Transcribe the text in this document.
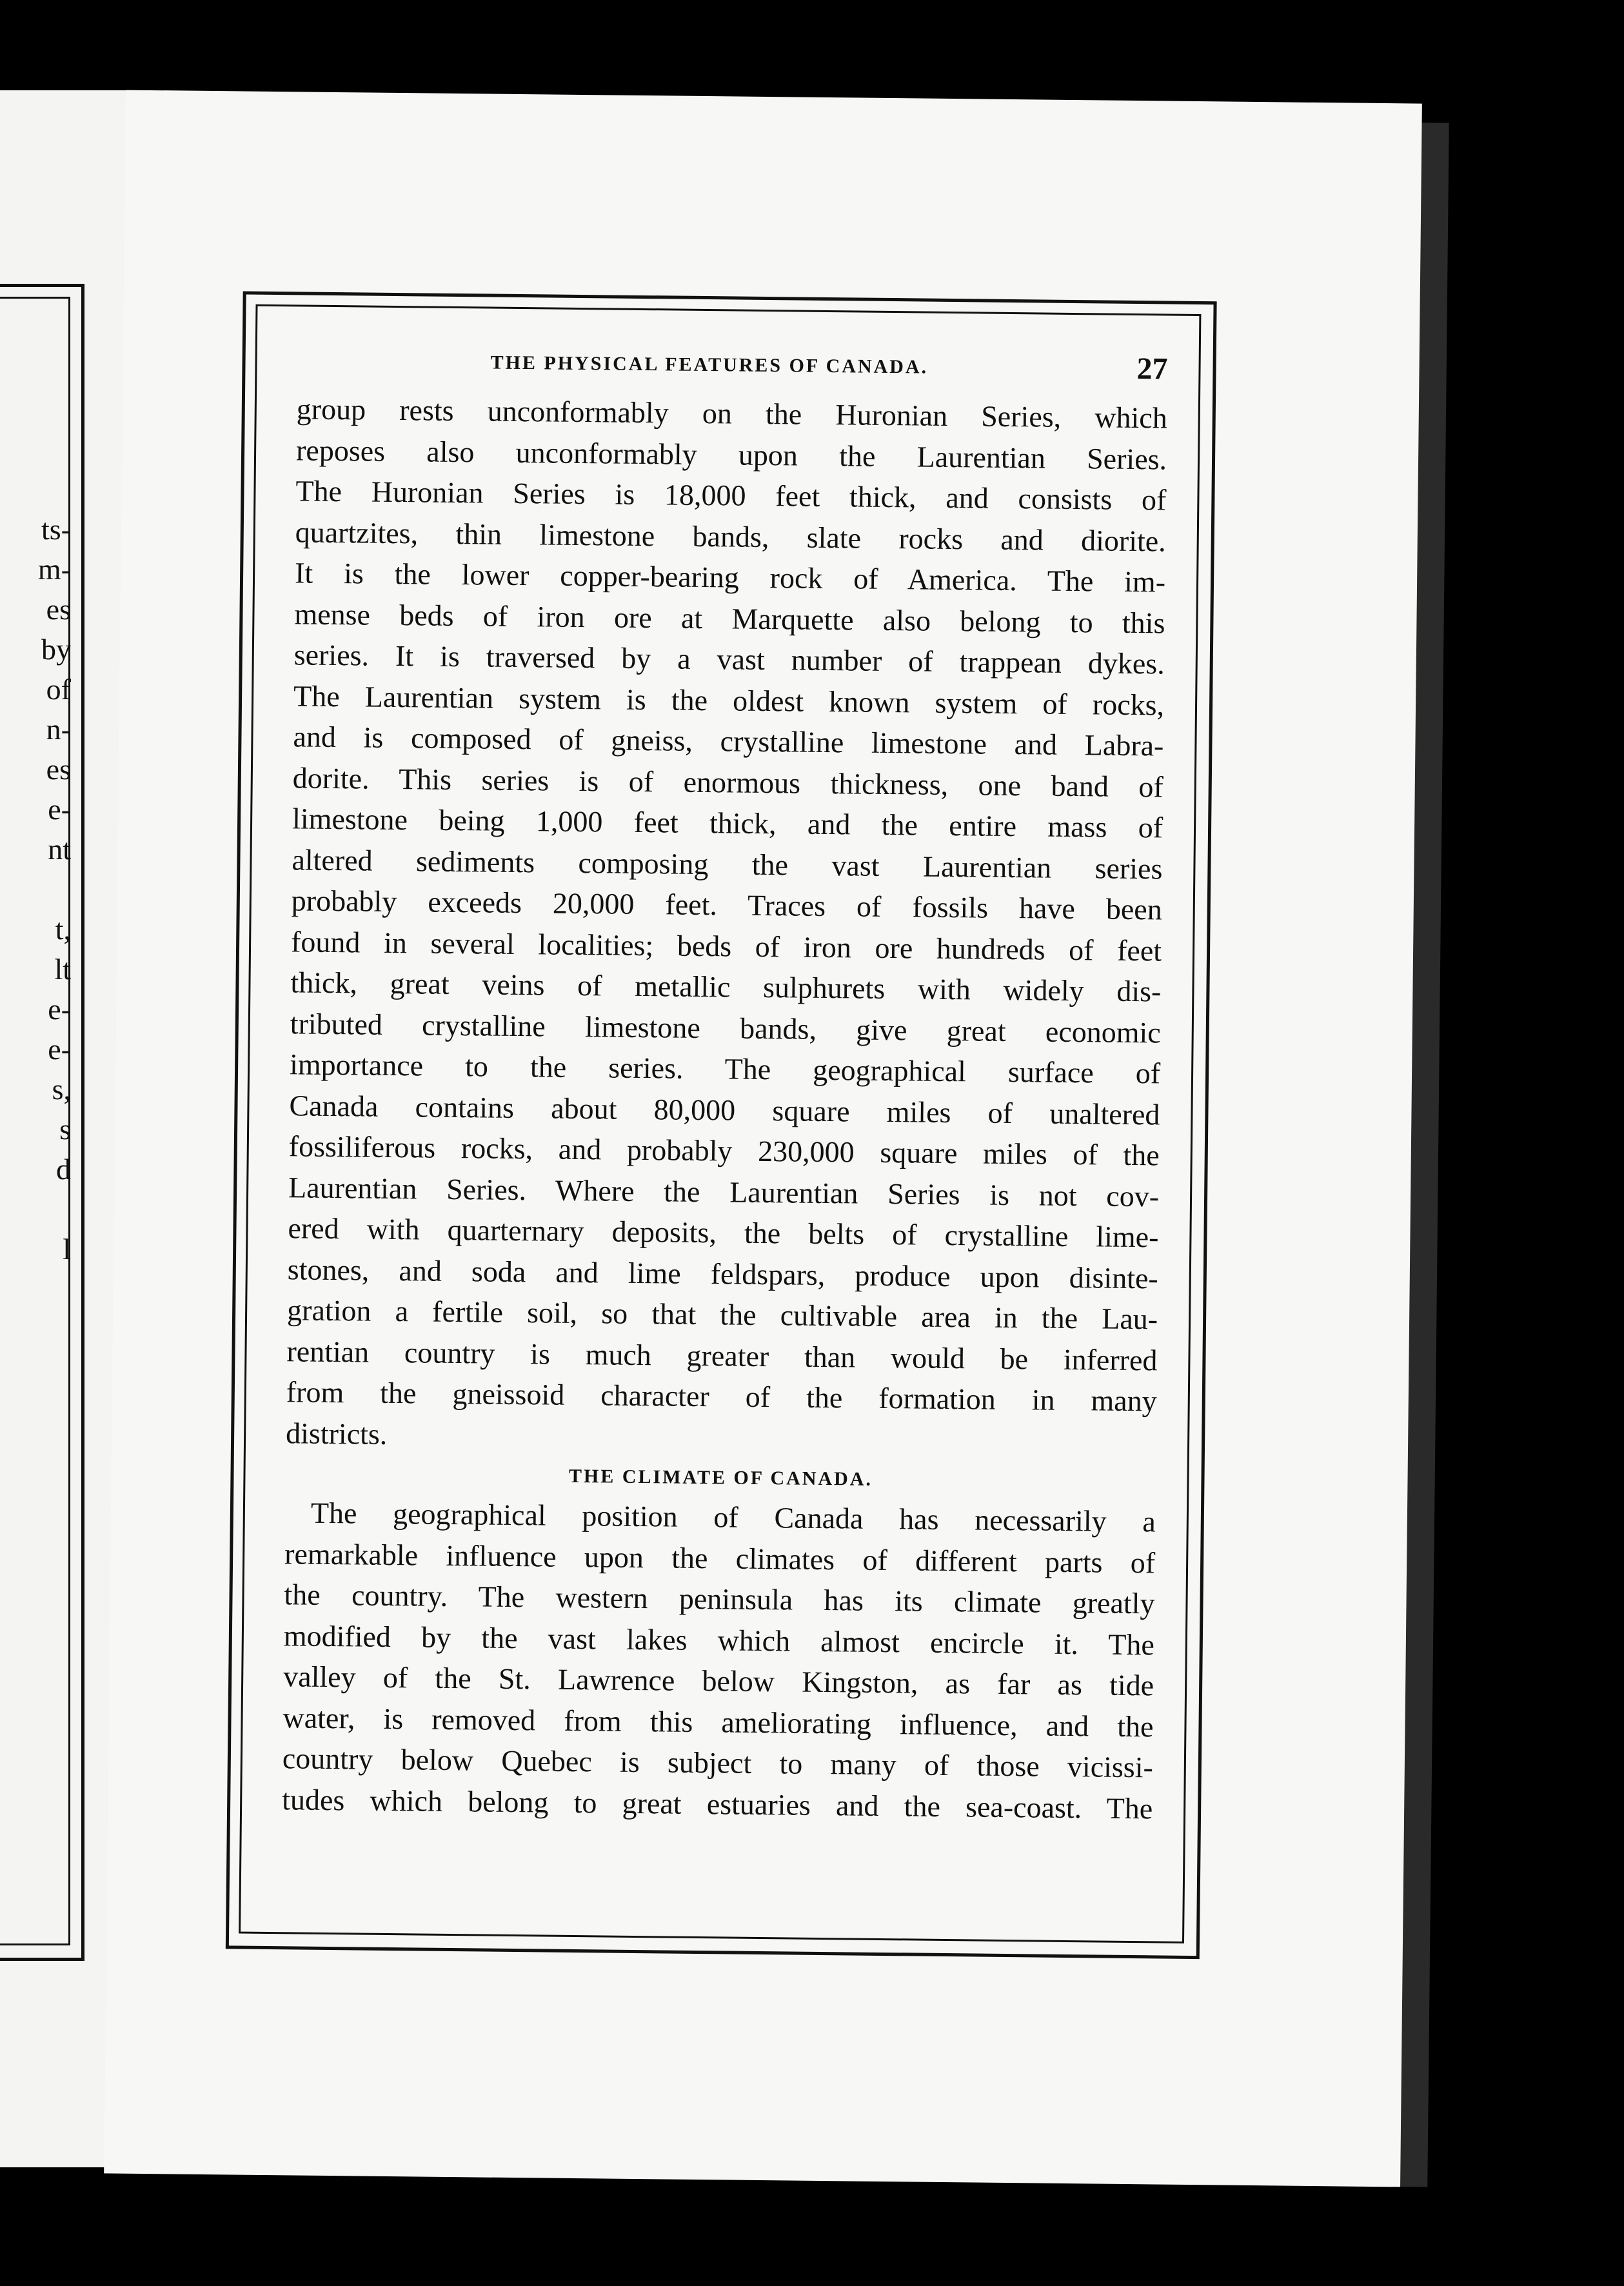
ts-
m-
es
by
of
n-
es
e-
nt
t,
lt
e-
e-
s,
s
d
l
THE PHYSICAL FEATURES OF CANADA.	27
group rests unconformably on the Huronian Series, which
reposes also unconformably upon the Laurentian Series.
The Huronian Series is 18,000 feet thick, and consists of
quartzites, thin limestone bands, slate rocks and diorite.
It is the lower copper-bearing rock of America. The im-
mense beds of iron ore at Marquette also belong to this
series. It is traversed by a vast number of trappean dykes.
The Laurentian system is the oldest known system of rocks,
and is composed of gneiss, crystalline limestone and Labra-
dorite. This series is of enormous thickness, one band of
limestone being 1,000 feet thick, and the entire mass of
altered sediments composing the vast Laurentian series
probably exceeds 20,000 feet. Traces of fossils have been
found in several localities; beds of iron ore hundreds of feet
thick, great veins of metallic sulphurets with widely dis-
tributed crystalline limestone bands, give great economic
importance to the series. The geographical surface of
Canada contains about 80,000 square miles of unaltered
fossiliferous rocks, and probably 230,000 square miles of the
Laurentian Series. Where the Laurentian Series is not cov-
ered with quarternary deposits, the belts of crystalline lime-
stones, and soda and lime feldspars, produce upon disinte-
gration a fertile soil, so that the cultivable area in the Lau-
rentian country is much greater than would be inferred
from the gneissoid character of the formation in many
districts.
THE CLIMATE OF CANADA.
The geographical position of Canada has necessarily a
remarkable influence upon the climates of different parts of
the country. The western peninsula has its climate greatly
modified by the vast lakes which almost encircle it. The
valley of the St. Lawrence below Kingston, as far as tide
water, is removed from this ameliorating influence, and the
country below Quebec is subject to many of those vicissi-
tudes which belong to great estuaries and the sea-coast. The
